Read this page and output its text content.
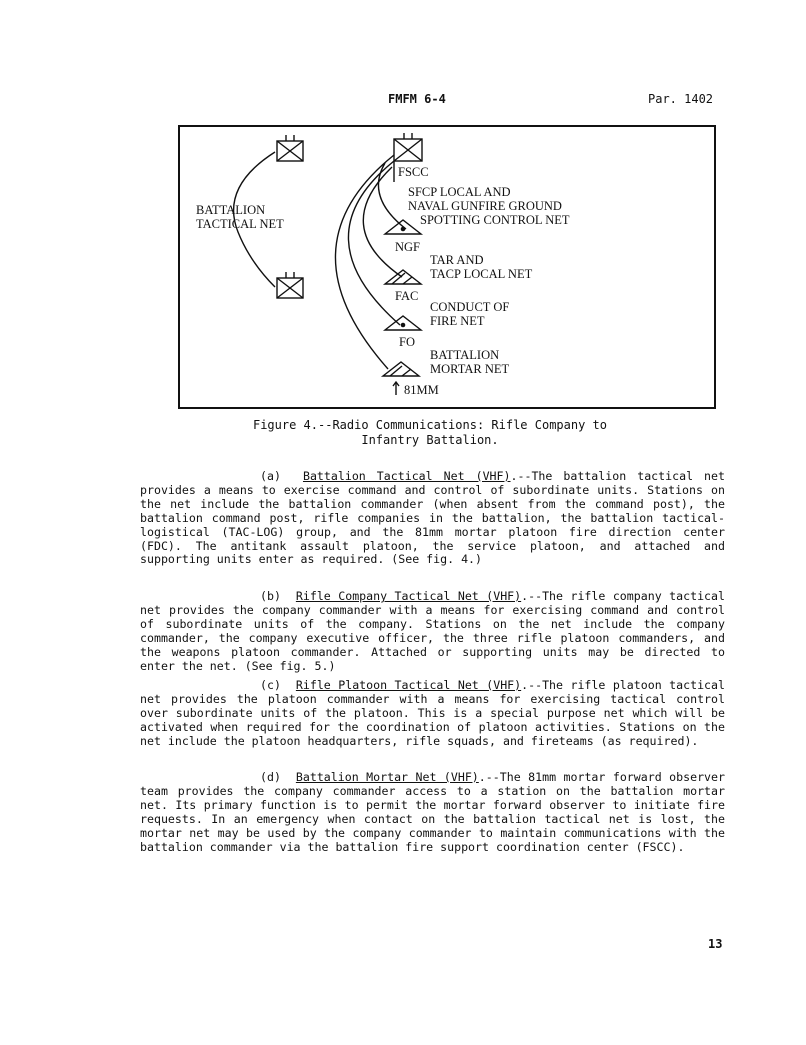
FMFM 6-4	Par. 1402
BATTALION
TACTICAL NET
FSCC
SFCP LOCAL AND
NAVAL GUNFIRE GROUND
SPOTTING CONTROL NET
NGF
TAR AND
TACP LOCAL NET
FAC
CONDUCT OF
FIRE NET
FO
BATTALION
MORTAR NET
81MM
Figure 4.--Radio Communications: Rifle Company to
Infantry Battalion.
(a) Battalion Tactical Net (VHF).--The battalion tactical net provides a means to exercise command and control of subordinate units. Stations on the net include the battalion commander (when absent from the command post), the battalion command post, rifle companies in the battalion, the battalion tactical-logistical (TAC-LOG) group, and the 81mm mortar platoon fire direction center (FDC). The antitank assault platoon, the service platoon, and attached and supporting units enter as required. (See fig. 4.)
(b) Rifle Company Tactical Net (VHF).--The rifle company tactical net provides the company commander with a means for exercising command and control of subordinate units of the company. Stations on the net include the company commander, the company executive officer, the three rifle platoon commanders, and the weapons platoon commander. Attached or supporting units may be directed to enter the net. (See fig. 5.)
(c) Rifle Platoon Tactical Net (VHF).--The rifle platoon tactical net provides the platoon commander with a means for exercising tactical control over subordinate units of the platoon. This is a special purpose net which will be activated when required for the coordination of platoon activities. Stations on the net include the platoon headquarters, rifle squads, and fireteams (as required).
(d) Battalion Mortar Net (VHF).--The 81mm mortar forward observer team provides the company commander access to a station on the battalion mortar net. Its primary function is to permit the mortar forward observer to initiate fire requests. In an emergency when contact on the battalion tactical net is lost, the mortar net may be used by the company commander to maintain communications with the battalion commander via the battalion fire support coordination center (FSCC).
13
